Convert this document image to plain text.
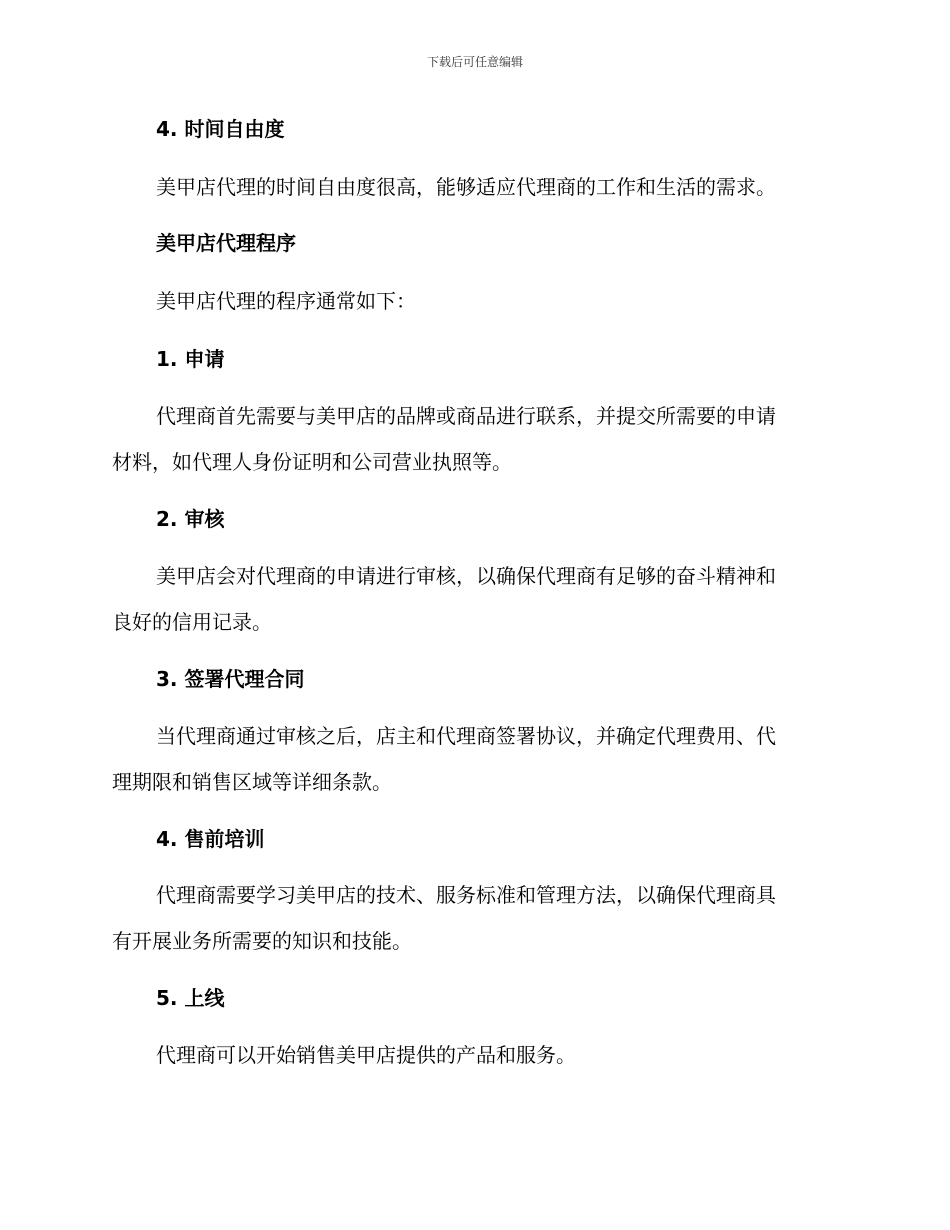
下载后可任意编辑
4. 时间自由度
美甲店代理的时间自由度很高，能够适应代理商的工作和生活的需求。
美甲店代理程序
美甲店代理的程序通常如下：
1. 申请
代理商首先需要与美甲店的品牌或商品进行联系，并提交所需要的申请
材料，如代理人身份证明和公司营业执照等。
2. 审核
美甲店会对代理商的申请进行审核，以确保代理商有足够的奋斗精神和
良好的信用记录。
3. 签署代理合同
当代理商通过审核之后，店主和代理商签署协议，并确定代理费用、代
理期限和销售区域等详细条款。
4. 售前培训
代理商需要学习美甲店的技术、服务标准和管理方法，以确保代理商具
有开展业务所需要的知识和技能。
5. 上线
代理商可以开始销售美甲店提供的产品和服务。
